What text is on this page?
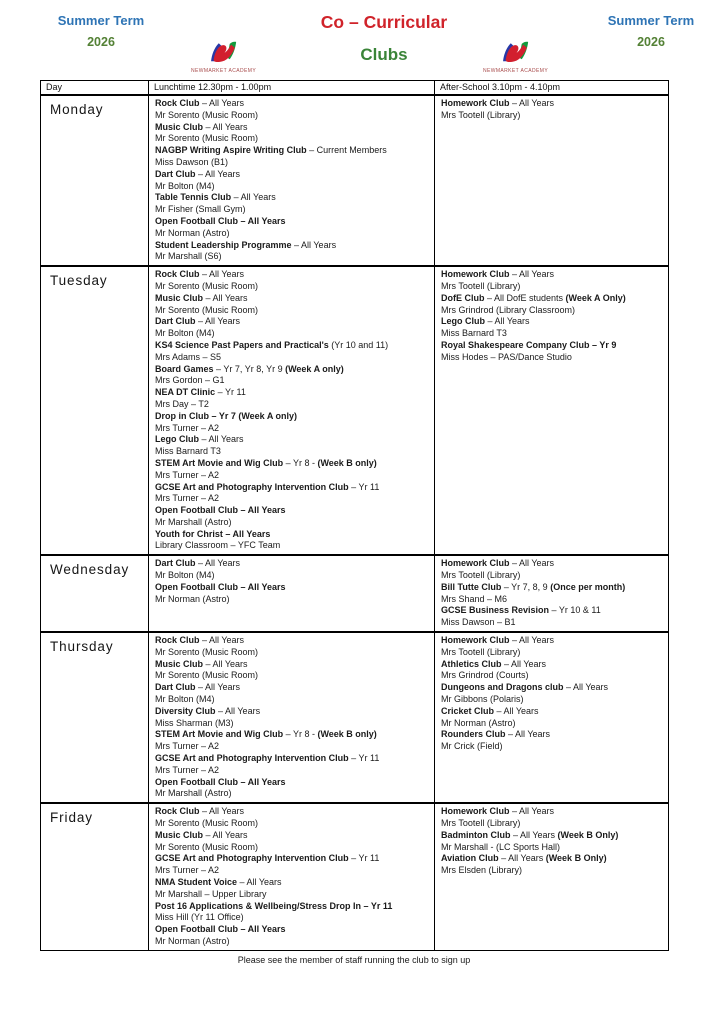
Summer Term
2026
Co – Curricular
Clubs
Summer Term
2026
NEWMARKET ACADEMY	NEWMARKET ACADEMY
Day	Lunchtime 12.30pm - 1.00pm	After-School 3.10pm - 4.10pm
Monday	Rock Club – All Years
Mr Sorento (Music Room)
Music Club – All Years
Mr Sorento (Music Room)
NAGBP Writing Aspire Writing Club – Current Members
Miss Dawson (B1)
Dart Club – All Years
Mr Bolton (M4)
Table Tennis Club – All Years
Mr Fisher (Small Gym)
Open Football Club – All Years
Mr Norman (Astro)
Student Leadership Programme – All Years
Mr Marshall (S6)

Homework Club – All Years
Mrs Tootell (Library)

Tuesday	Rock Club – All Years
Mr Sorento (Music Room)
Music Club – All Years
Mr Sorento (Music Room)
Dart Club – All Years
Mr Bolton (M4)
KS4 Science Past Papers and Practical's (Yr 10 and 11)
Mrs Adams – S5
Board Games – Yr 7, Yr 8, Yr 9 (Week A only)
Mrs Gordon – G1
NEA DT Clinic – Yr 11
Mrs Day – T2
Drop in Club – Yr 7 (Week A only)
Mrs Turner – A2
Lego Club – All Years
Miss Barnard T3
STEM Art Movie and Wig Club – Yr 8 - (Week B only)
Mrs Turner – A2
GCSE Art and Photography Intervention Club – Yr 11
Mrs Turner – A2
Open Football Club – All Years
Mr Marshall (Astro)
Youth for Christ – All Years
Library Classroom – YFC Team

Homework Club – All Years
Mrs Tootell (Library)
DofE Club – All DofE students (Week A Only)
Mrs Grindrod (Library Classroom)
Lego Club – All Years
Miss Barnard T3
Royal Shakespeare Company Club – Yr 9
Miss Hodes – PAS/Dance Studio

Wednesday	Dart Club – All Years
Mr Bolton (M4)
Open Football Club – All Years
Mr Norman (Astro)

Homework Club – All Years
Mrs Tootell (Library)
Bill Tutte Club – Yr 7, 8, 9 (Once per month)
Mrs Shand – M6
GCSE Business Revision – Yr 10 & 11
Miss Dawson – B1

Thursday	Rock Club – All Years
Mr Sorento (Music Room)
Music Club – All Years
Mr Sorento (Music Room)
Dart Club – All Years
Mr Bolton (M4)
Diversity Club – All Years
Miss Sharman (M3)
STEM Art Movie and Wig Club – Yr 8 - (Week B only)
Mrs Turner – A2
GCSE Art and Photography Intervention Club – Yr 11
Mrs Turner – A2
Open Football Club – All Years
Mr Marshall (Astro)

Homework Club – All Years
Mrs Tootell (Library)
Athletics Club – All Years
Mrs Grindrod (Courts)
Dungeons and Dragons club – All Years
Mr Gibbons (Polaris)
Cricket Club – All Years
Mr Norman (Astro)
Rounders Club – All Years
Mr Crick (Field)

Friday	Rock Club – All Years
Mr Sorento (Music Room)
Music Club – All Years
Mr Sorento (Music Room)
GCSE Art and Photography Intervention Club – Yr 11
Mrs Turner – A2
NMA Student Voice – All Years
Mr Marshall – Upper Library
Post 16 Applications & Wellbeing/Stress Drop In – Yr 11
Miss Hill (Yr 11 Office)
Open Football Club – All Years
Mr Norman (Astro)

Homework Club – All Years
Mrs Tootell (Library)
Badminton Club – All Years (Week B Only)
Mr Marshall - (LC Sports Hall)
Aviation Club – All Years (Week B Only)
Mrs Elsden (Library)
Please see the member of staff running the club to sign up
